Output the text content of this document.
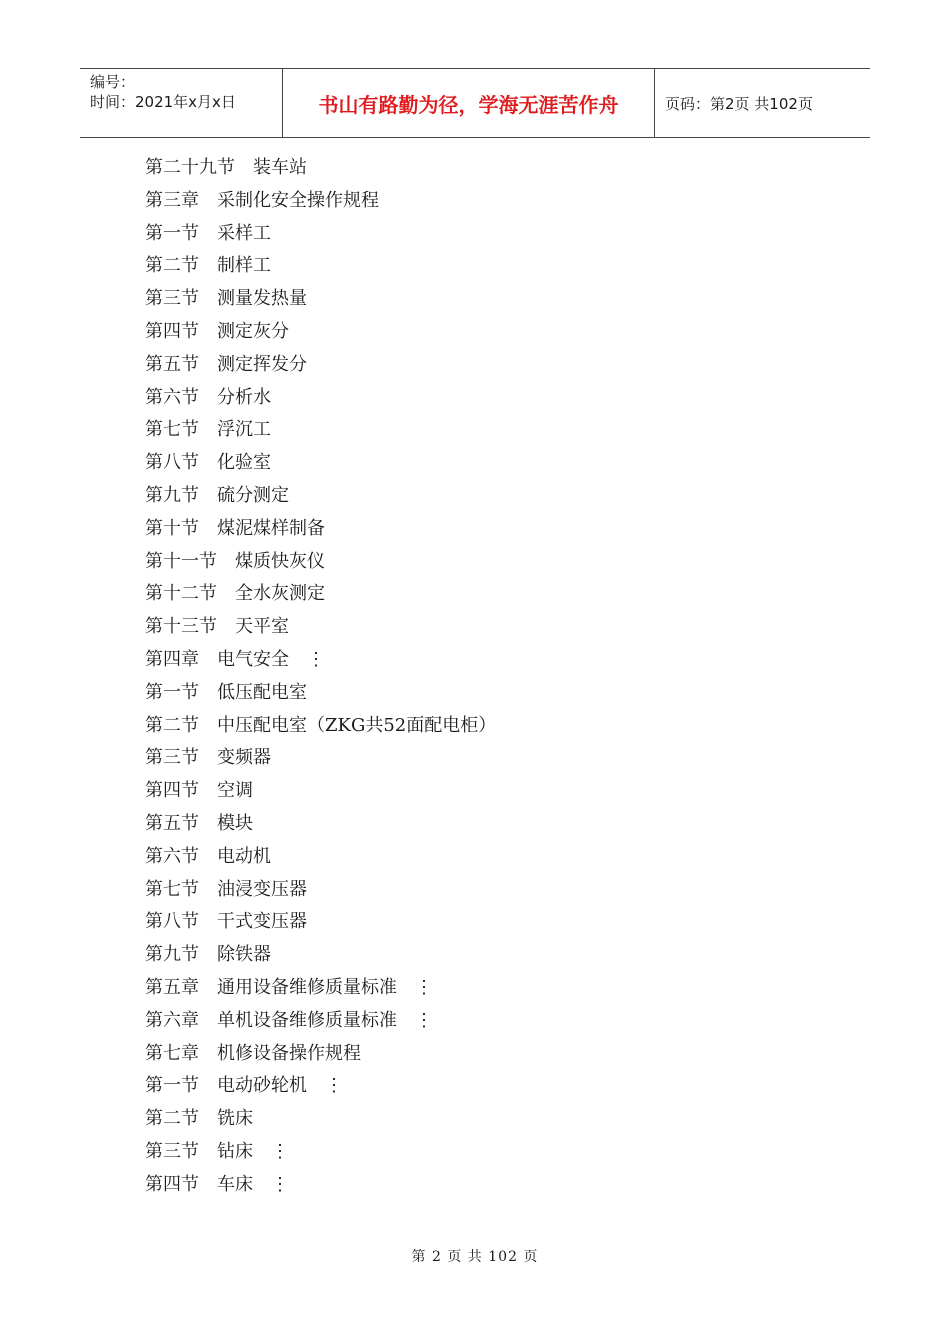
编号：
时间：2021年x月x日	书山有路勤为径，学海无涯苦作舟	页码：第2页 共102页
第二十九节　装车站
第三章　采制化安全操作规程
第一节　采样工
第二节　制样工
第三节　测量发热量
第四节　测定灰分
第五节　测定挥发分
第六节　分析水
第七节　浮沉工
第八节　化验室
第九节　硫分测定
第十节　煤泥煤样制备
第十一节　煤质快灰仪
第十二节　全水灰测定
第十三节　天平室
第四章　电气安全　⋮
第一节　低压配电室
第二节　中压配电室（ZKG共52面配电柜）
第三节　变频器
第四节　空调
第五节　模块
第六节　电动机
第七节　油浸变压器
第八节　干式变压器
第九节　除铁器
第五章　通用设备维修质量标准　⋮
第六章　单机设备维修质量标准　⋮
第七章　机修设备操作规程
第一节　电动砂轮机　⋮
第二节　铣床
第三节　钻床　⋮
第四节　车床　⋮
第 2 页 共 102 页
